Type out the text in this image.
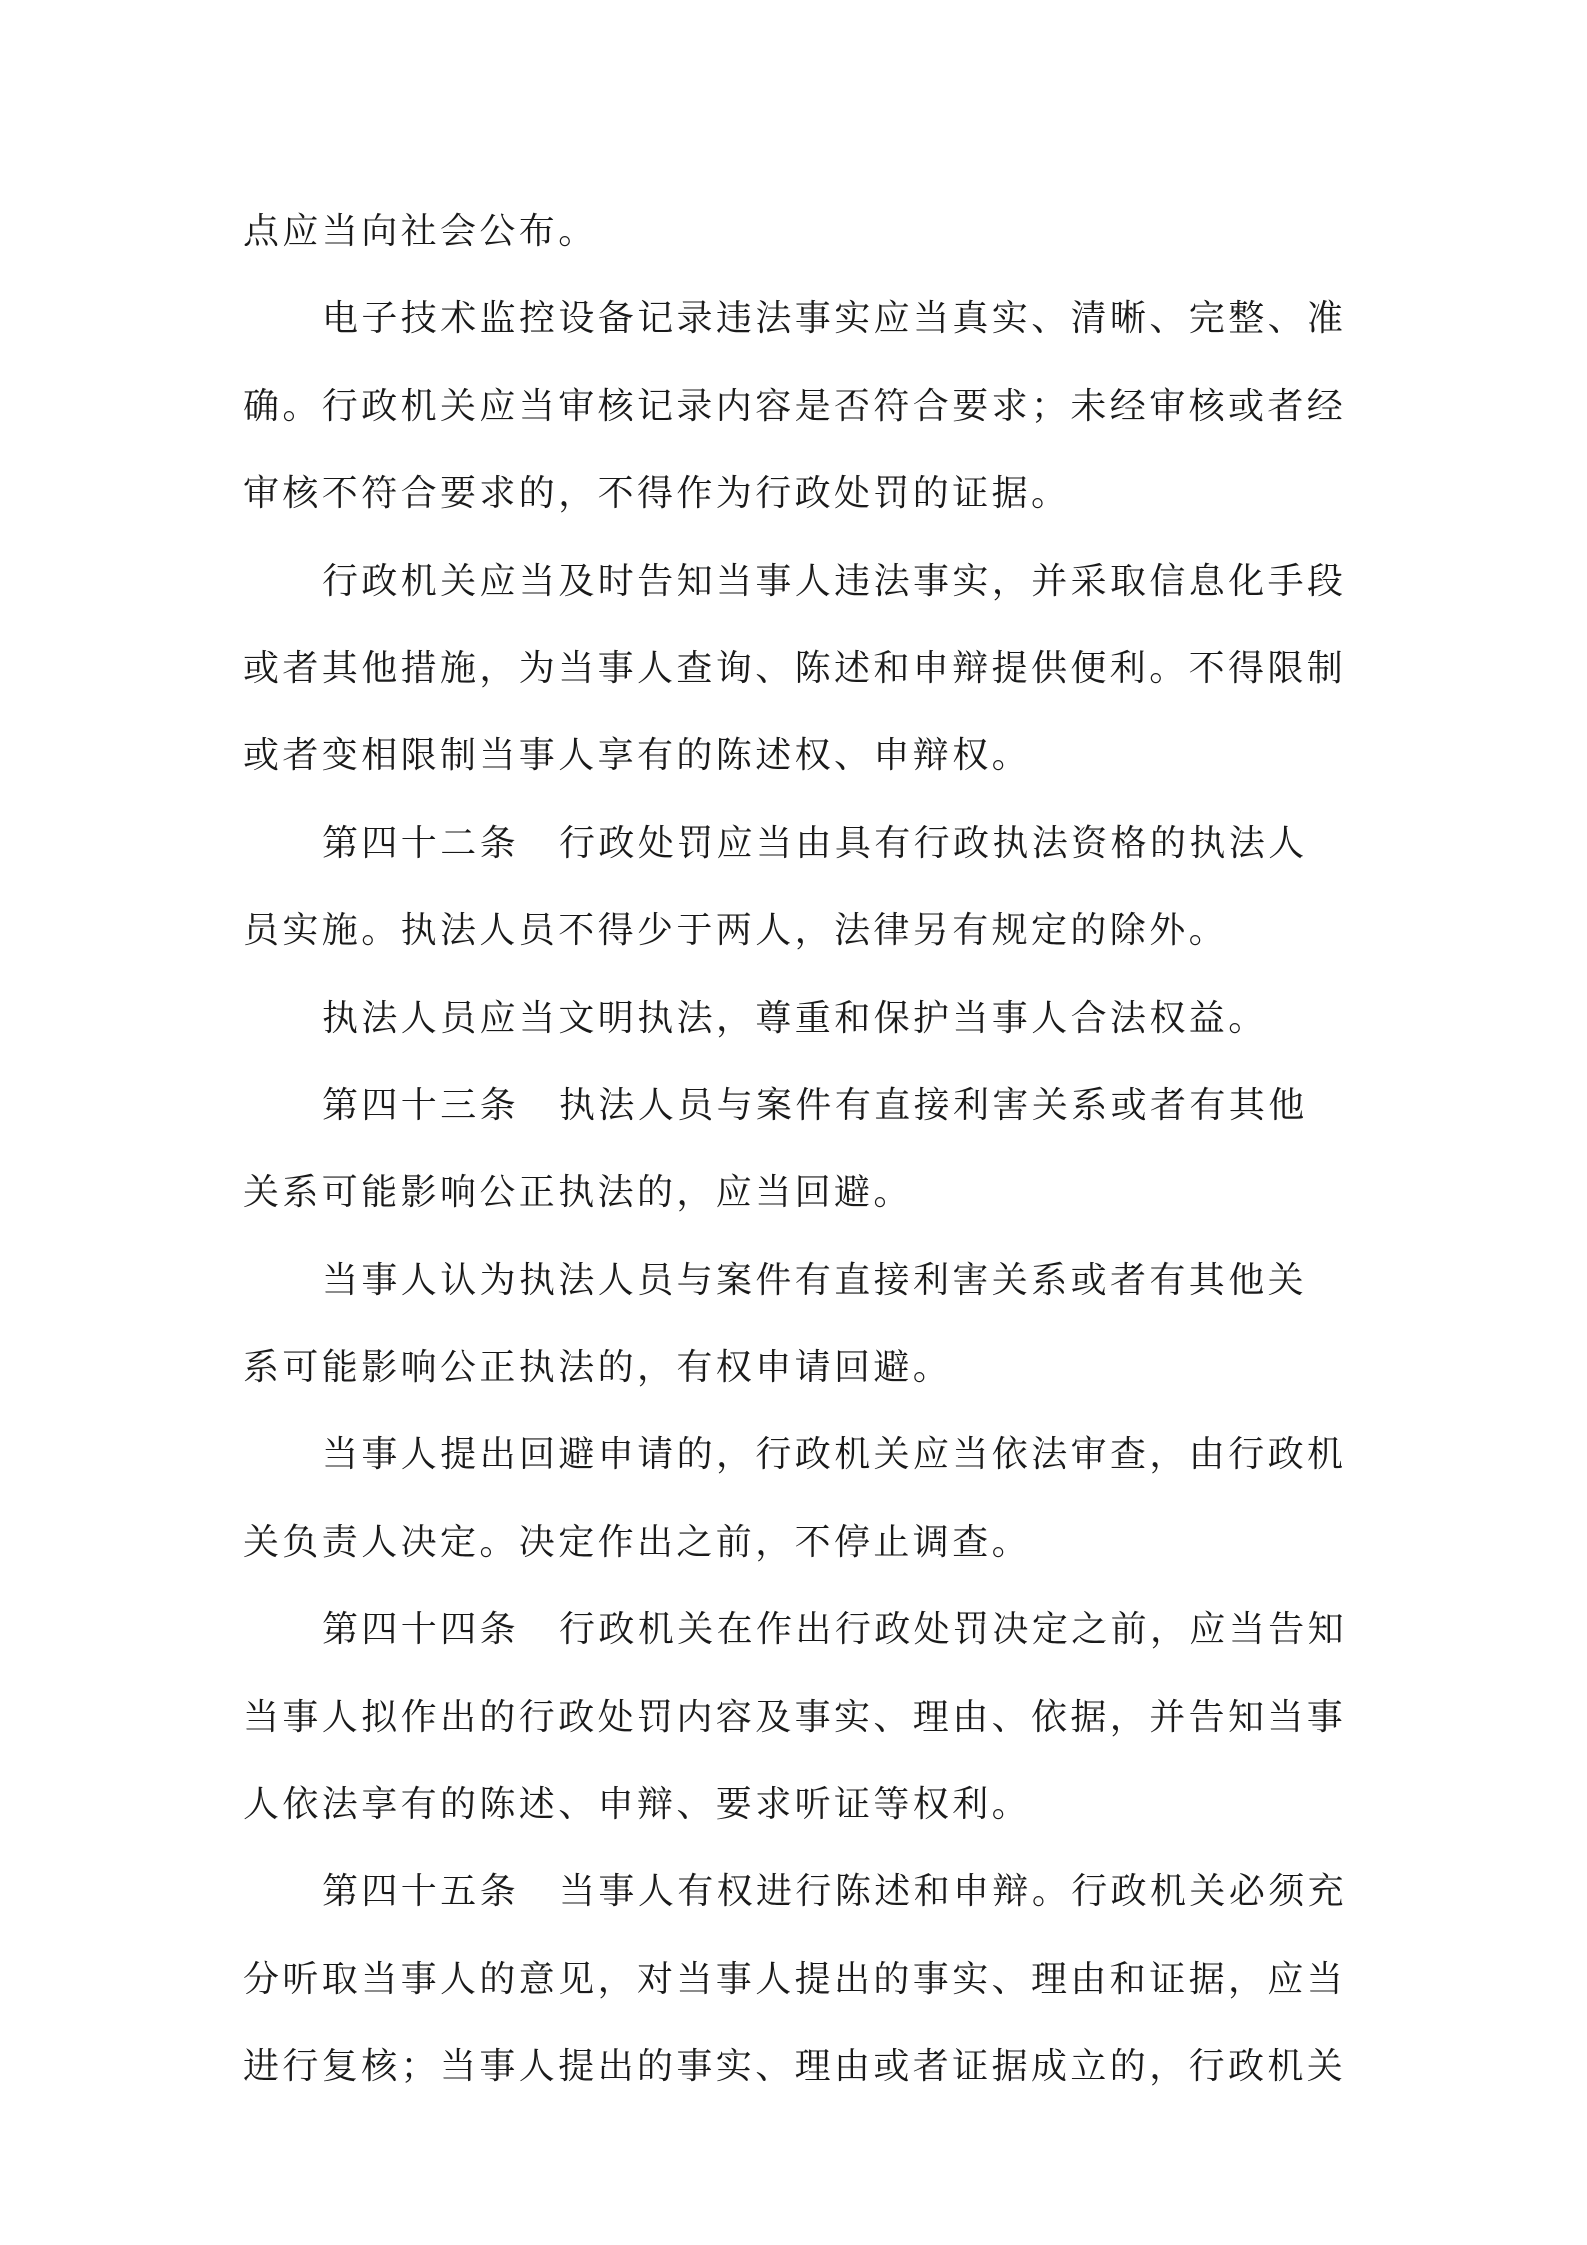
点应当向社会公布。
电子技术监控设备记录违法事实应当真实、清晰、完整、准
确。行政机关应当审核记录内容是否符合要求；未经审核或者经
审核不符合要求的，不得作为行政处罚的证据。
行政机关应当及时告知当事人违法事实，并采取信息化手段
或者其他措施，为当事人查询、陈述和申辩提供便利。不得限制
或者变相限制当事人享有的陈述权、申辩权。
第四十二条 行政处罚应当由具有行政执法资格的执法人
员实施。执法人员不得少于两人，法律另有规定的除外。
执法人员应当文明执法，尊重和保护当事人合法权益。
第四十三条 执法人员与案件有直接利害关系或者有其他
关系可能影响公正执法的，应当回避。
当事人认为执法人员与案件有直接利害关系或者有其他关
系可能影响公正执法的，有权申请回避。
当事人提出回避申请的，行政机关应当依法审查，由行政机
关负责人决定。决定作出之前，不停止调查。
第四十四条 行政机关在作出行政处罚决定之前，应当告知
当事人拟作出的行政处罚内容及事实、理由、依据，并告知当事
人依法享有的陈述、申辩、要求听证等权利。
第四十五条 当事人有权进行陈述和申辩。行政机关必须充
分听取当事人的意见，对当事人提出的事实、理由和证据，应当
进行复核；当事人提出的事实、理由或者证据成立的，行政机关
